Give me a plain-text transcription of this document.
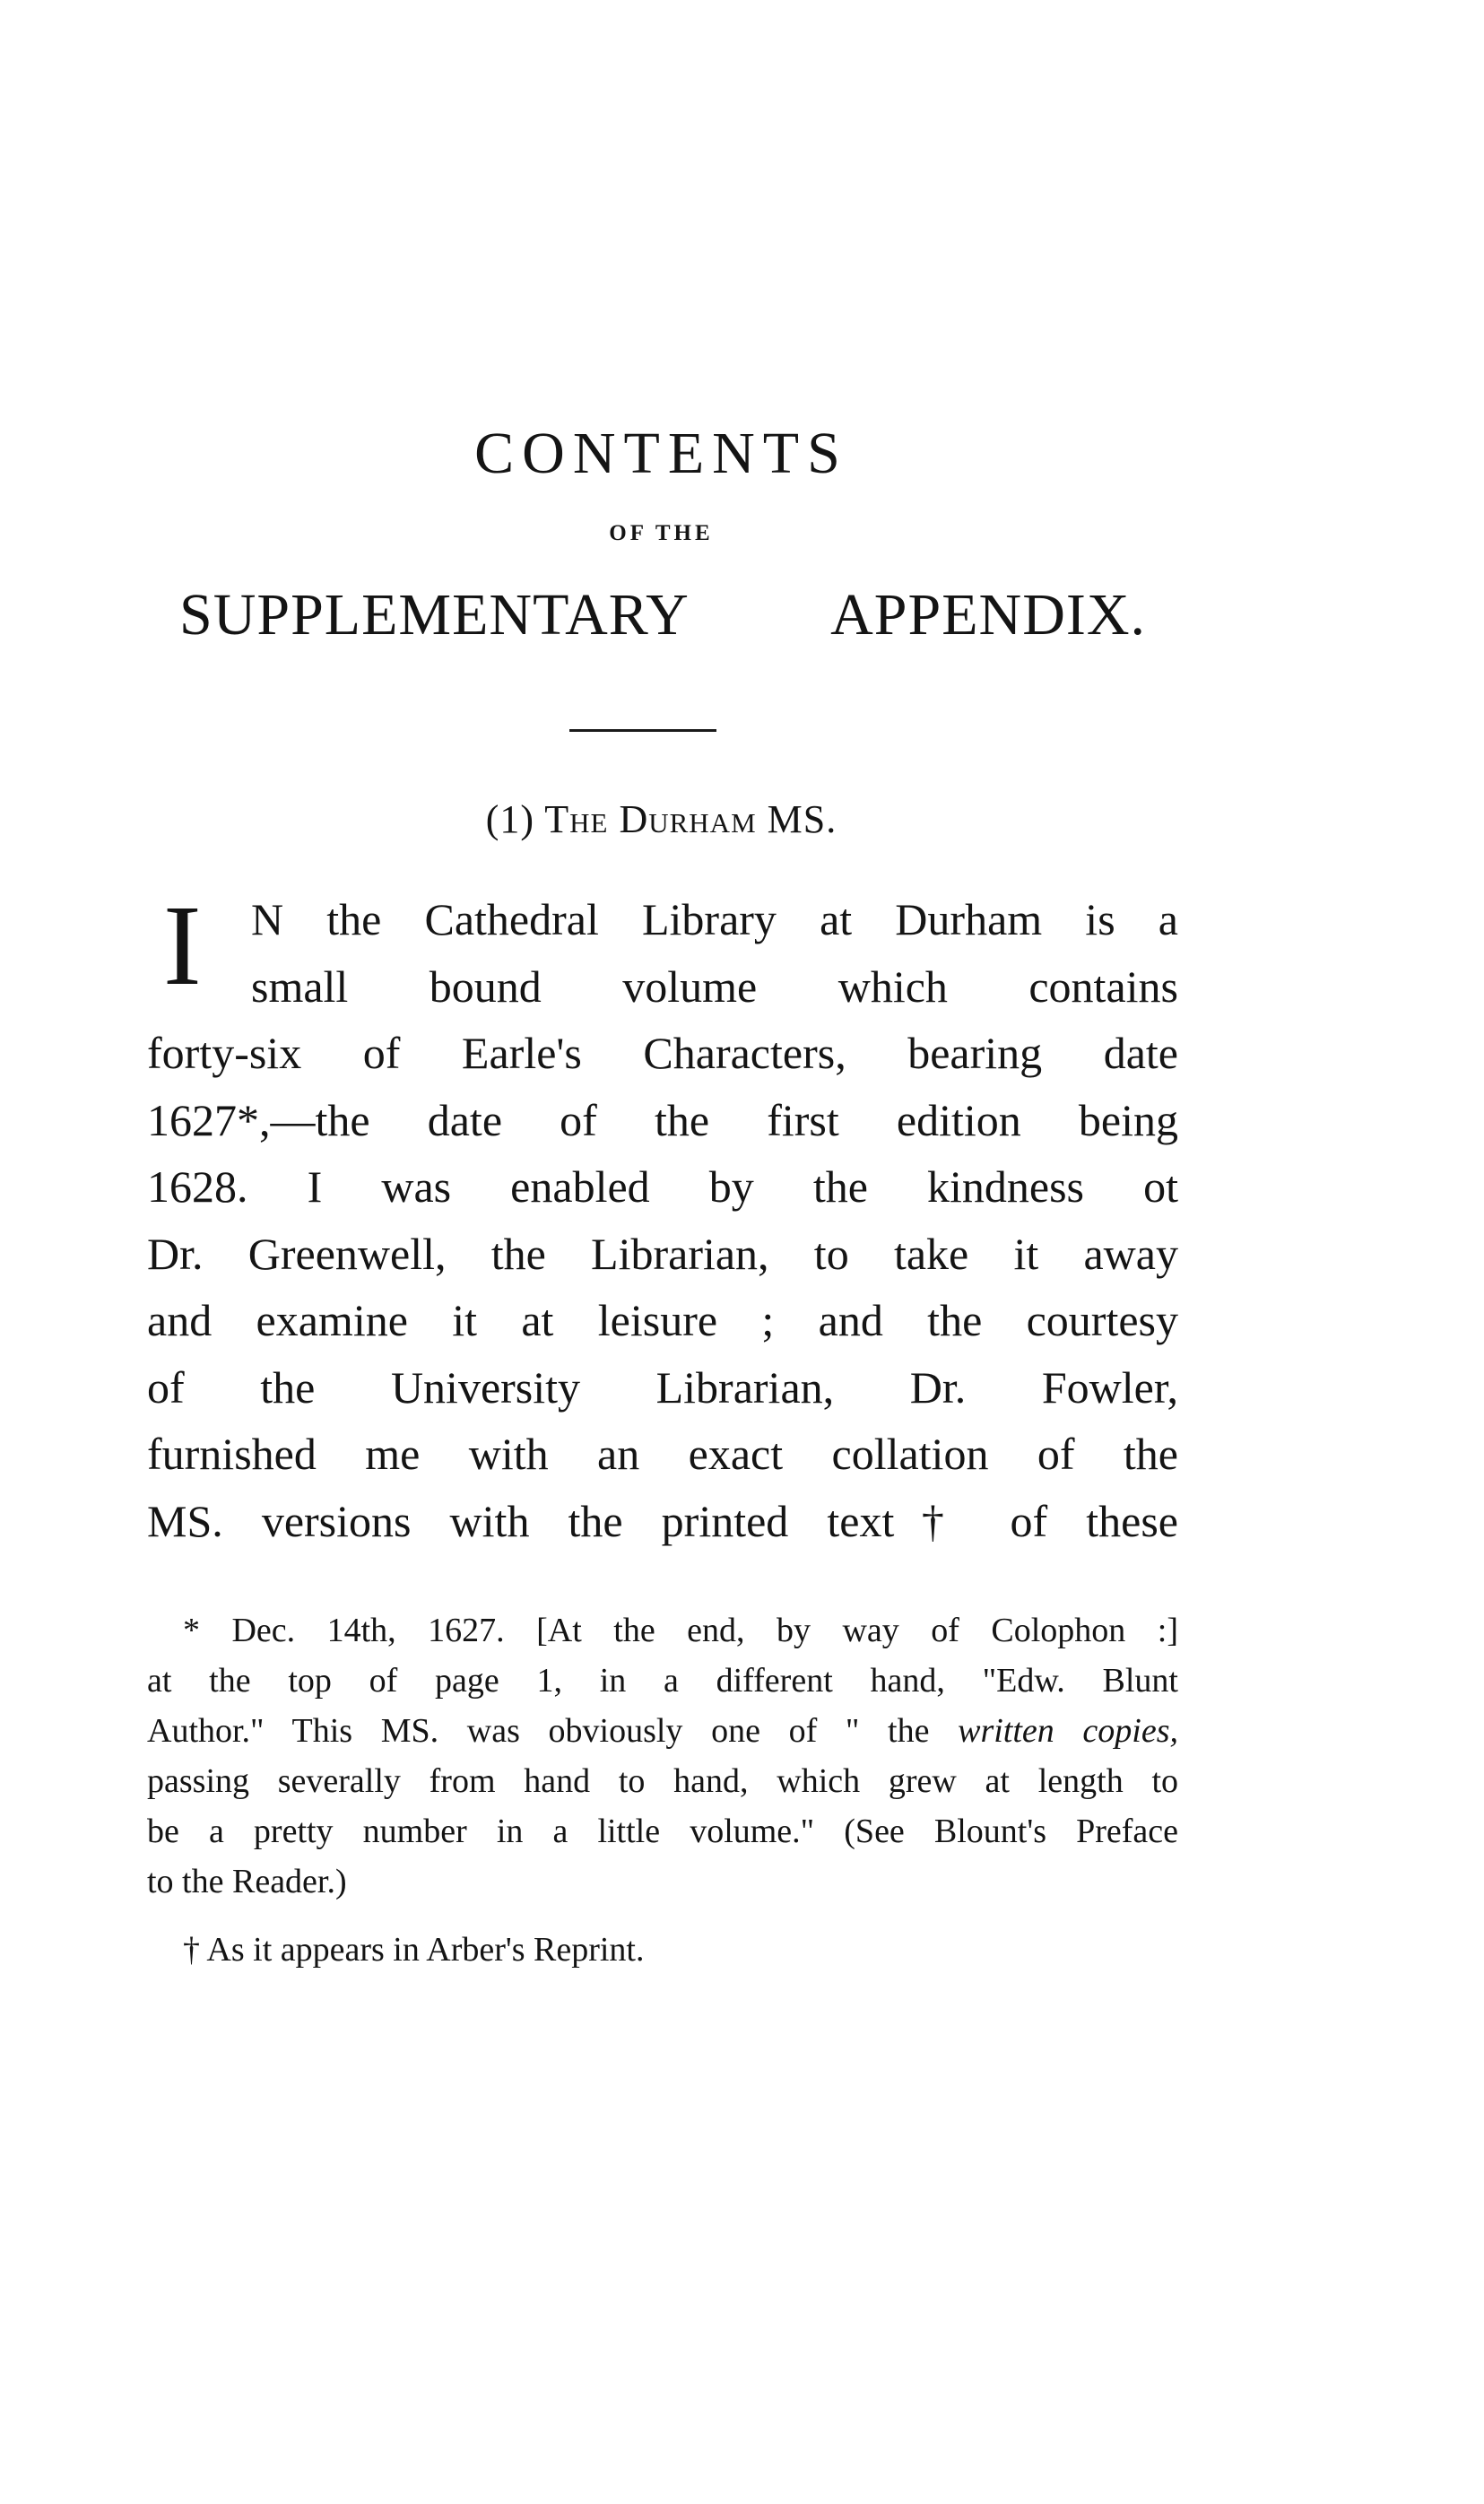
CONTENTS
OF THE
SUPPLEMENTARY APPENDIX.
(1) The Durham MS.
I	N the Cathedral Library at Durham is a
small bound volume which contains
forty-six of Earle's Characters, bearing date
1627*,—the date of the first edition being
1628. I was enabled by the kindness ot
Dr. Greenwell, the Librarian, to take it away
and examine it at leisure ; and the courtesy
of the University Librarian, Dr. Fowler,
furnished me with an exact collation of the
MS. versions with the printed text† of these
* Dec. 14th, 1627. [At the end, by way of Colophon :]
at the top of page 1, in a different hand, "Edw. Blunt
Author." This MS. was obviously one of " the written copies,
passing severally from hand to hand, which grew at length to
be a pretty number in a little volume." (See Blount's Preface
to the Reader.)
† As it appears in Arber's Reprint.
